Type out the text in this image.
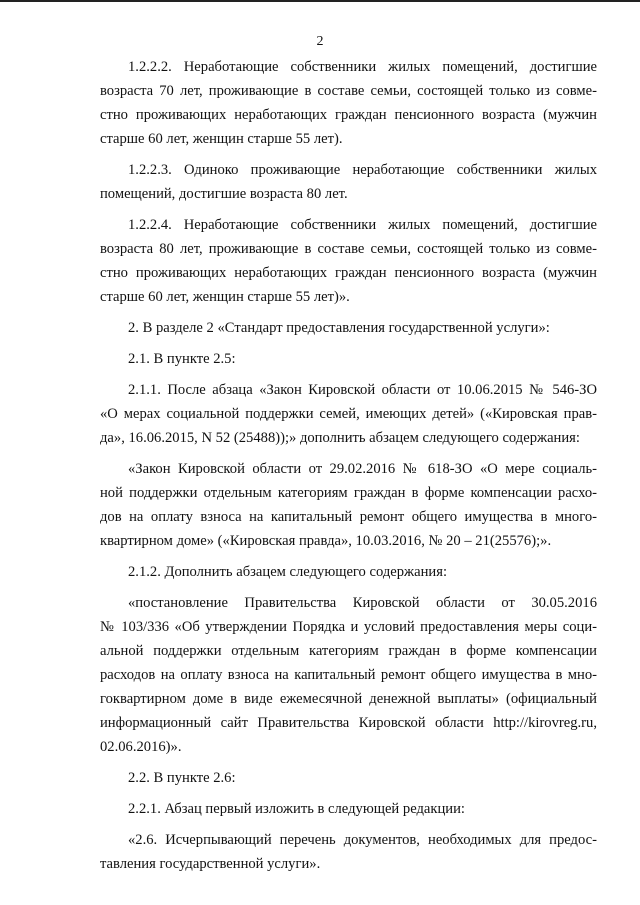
2
1.2.2.2. Неработающие собственники жилых помещений, достигшие
возраста 70 лет, проживающие в составе семьи, состоящей только из совме-
стно проживающих неработающих граждан пенсионного возраста (мужчин
старше 60 лет, женщин старше 55 лет).
1.2.2.3. Одиноко проживающие неработающие собственники жилых
помещений, достигшие возраста 80 лет.
1.2.2.4. Неработающие собственники жилых помещений, достигшие
возраста 80 лет, проживающие в составе семьи, состоящей только из совме-
стно проживающих неработающих граждан пенсионного возраста (мужчин
старше 60 лет, женщин старше 55 лет)».
2. В разделе 2 «Стандарт предоставления государственной услуги»:
2.1. В пункте 2.5:
2.1.1. После абзаца «Закон Кировской области от 10.06.2015 № 546-ЗО
«О мерах социальной поддержки семей, имеющих детей» («Кировская прав-
да», 16.06.2015, N 52 (25488));» дополнить абзацем следующего содержания:
«Закон Кировской области от 29.02.2016 № 618-ЗО «О мере социаль-
ной поддержки отдельным категориям граждан в форме компенсации расхо-
дов на оплату взноса на капитальный ремонт общего имущества в много-
квартирном доме» («Кировская правда», 10.03.2016, № 20 – 21(25576);».
2.1.2. Дополнить абзацем следующего содержания:
«постановление Правительства Кировской области от 30.05.2016
№ 103/336 «Об утверждении Порядка и условий предоставления меры соци-
альной поддержки отдельным категориям граждан в форме компенсации
расходов на оплату взноса на капитальный ремонт общего имущества в мно-
гоквартирном доме в виде ежемесячной денежной выплаты» (официальный
информационный сайт Правительства Кировской области http://kirovreg.ru,
02.06.2016)».
2.2. В пункте 2.6:
2.2.1. Абзац первый изложить в следующей редакции:
«2.6. Исчерпывающий перечень документов, необходимых для предос-
тавления государственной услуги».
